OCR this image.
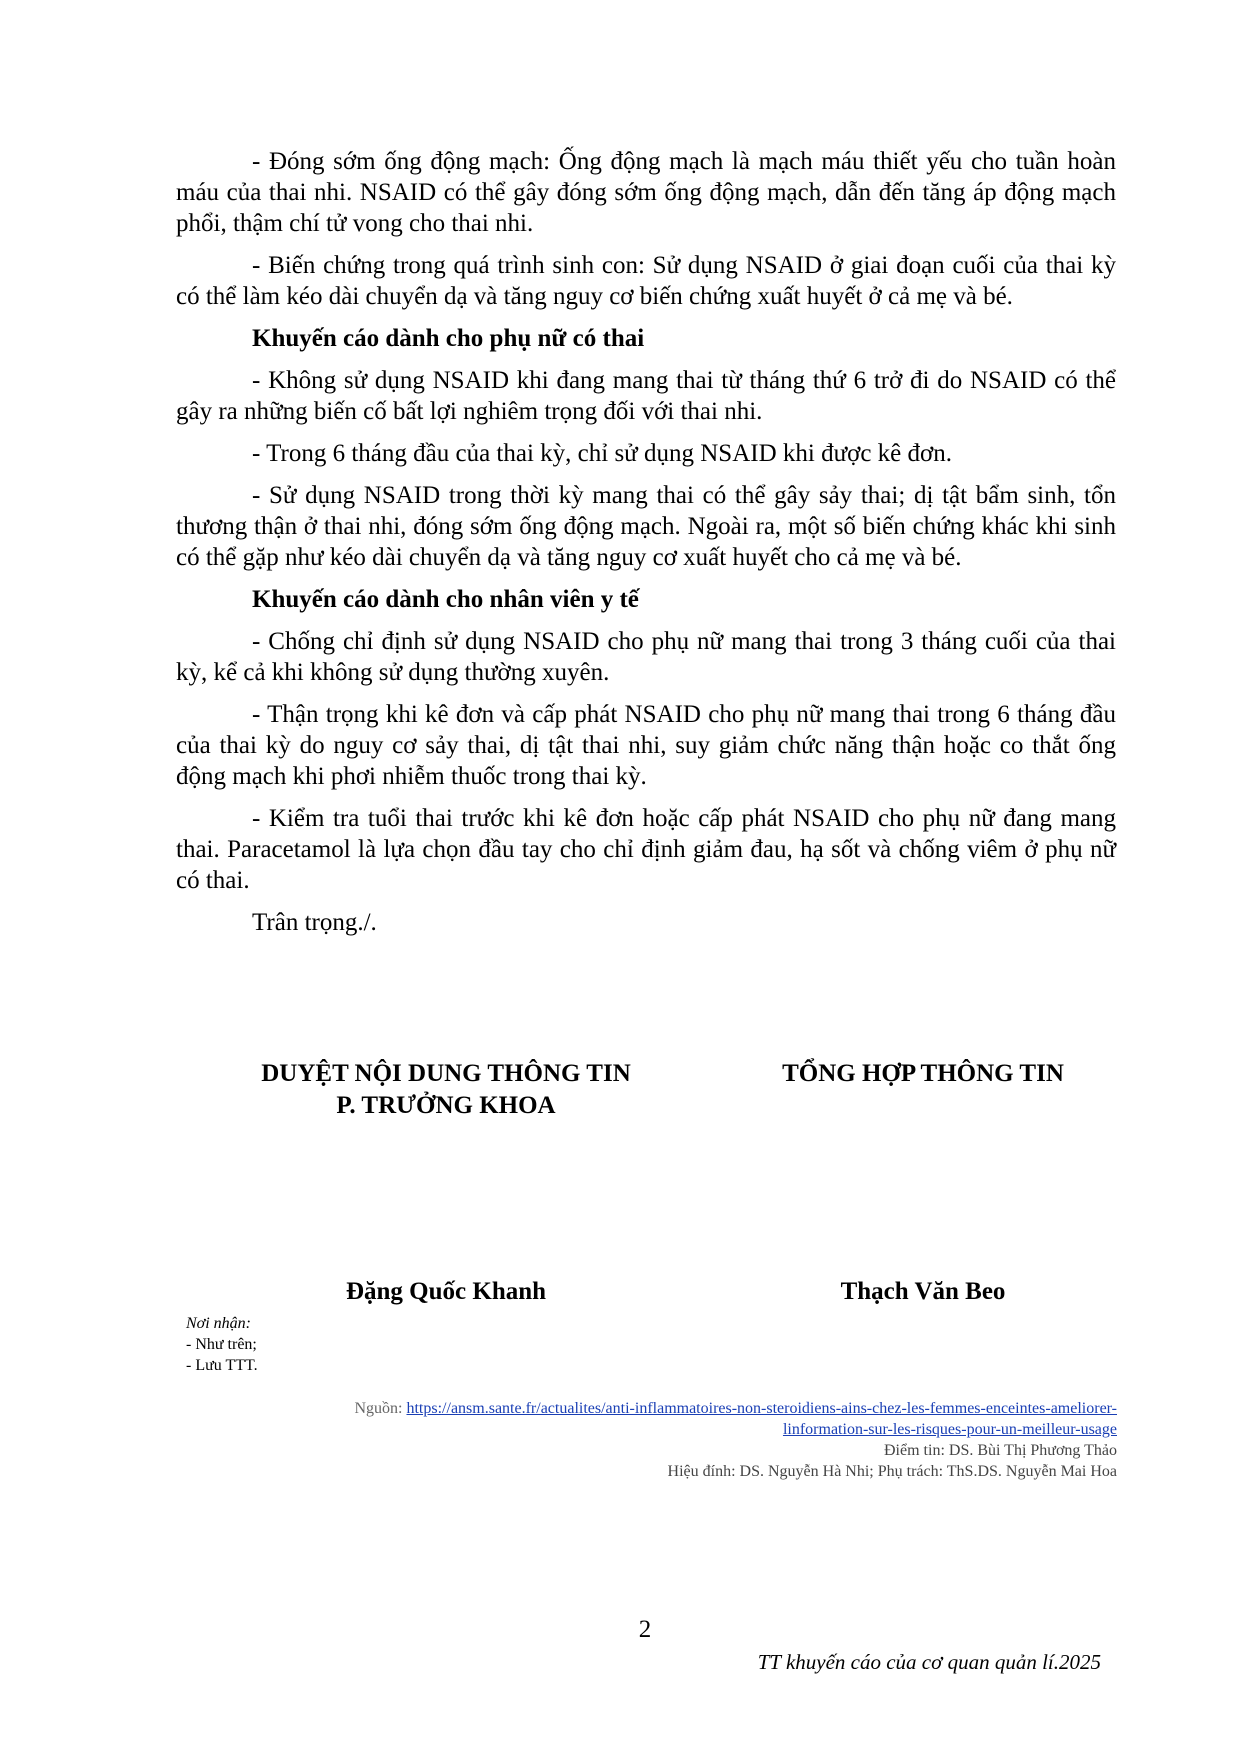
- Đóng sớm ống động mạch: Ống động mạch là mạch máu thiết yếu cho tuần hoàn máu của thai nhi. NSAID có thể gây đóng sớm ống động mạch, dẫn đến tăng áp động mạch phổi, thậm chí tử vong cho thai nhi.

- Biến chứng trong quá trình sinh con: Sử dụng NSAID ở giai đoạn cuối của thai kỳ có thể làm kéo dài chuyển dạ và tăng nguy cơ biến chứng xuất huyết ở cả mẹ và bé.

Khuyến cáo dành cho phụ nữ có thai

- Không sử dụng NSAID khi đang mang thai từ tháng thứ 6 trở đi do NSAID có thể gây ra những biến cố bất lợi nghiêm trọng đối với thai nhi.

- Trong 6 tháng đầu của thai kỳ, chỉ sử dụng NSAID khi được kê đơn.

- Sử dụng NSAID trong thời kỳ mang thai có thể gây sảy thai; dị tật bẩm sinh, tổn thương thận ở thai nhi, đóng sớm ống động mạch. Ngoài ra, một số biến chứng khác khi sinh có thể gặp như kéo dài chuyển dạ và tăng nguy cơ xuất huyết cho cả mẹ và bé.

Khuyến cáo dành cho nhân viên y tế

- Chống chỉ định sử dụng NSAID cho phụ nữ mang thai trong 3 tháng cuối của thai kỳ, kể cả khi không sử dụng thường xuyên.

- Thận trọng khi kê đơn và cấp phát NSAID cho phụ nữ mang thai trong 6 tháng đầu của thai kỳ do nguy cơ sảy thai, dị tật thai nhi, suy giảm chức năng thận hoặc co thắt ống động mạch khi phơi nhiễm thuốc trong thai kỳ.

- Kiểm tra tuổi thai trước khi kê đơn hoặc cấp phát NSAID cho phụ nữ đang mang thai. Paracetamol là lựa chọn đầu tay cho chỉ định giảm đau, hạ sốt và chống viêm ở phụ nữ có thai.

Trân trọng./.

DUYỆT NỘI DUNG THÔNG TIN
P. TRƯỞNG KHOA
TỔNG HỢP THÔNG TIN
Đặng Quốc Khanh	Thạch Văn Beo
Nơi nhận:
- Như trên;
- Lưu TTT.
Nguồn: https://ansm.sante.fr/actualites/anti-inflammatoires-non-steroidiens-ains-chez-les-femmes-enceintes-ameliorer-
linformation-sur-les-risques-pour-un-meilleur-usage
Điểm tin: DS. Bùi Thị Phương Thảo
Hiệu đính: DS. Nguyễn Hà Nhi; Phụ trách: ThS.DS. Nguyễn Mai Hoa
2
TT khuyến cáo của cơ quan quản lí.2025
